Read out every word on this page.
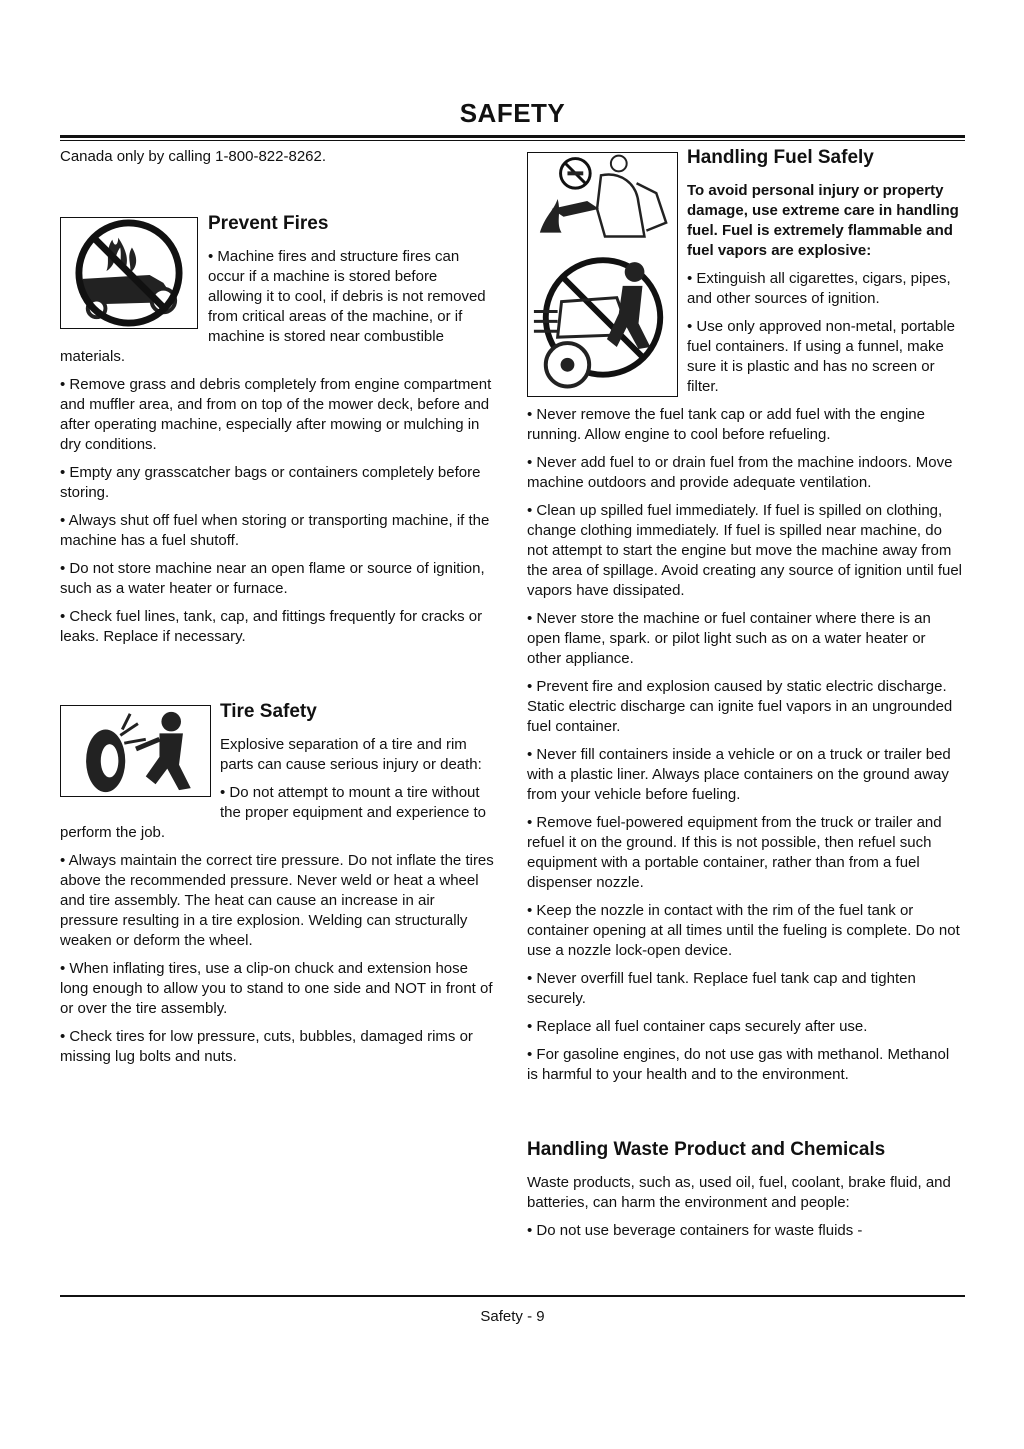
SAFETY

Canada only by calling 1-800-822-8262.

Prevent Fires

• Machine fires and structure fires can occur if a machine is stored before allowing it to cool, if debris is not removed from critical areas of the machine, or if machine is stored near combustible materials.

• Remove grass and debris completely from engine compartment and muffler area, and from on top of the mower deck, before and after operating machine, especially after mowing or mulching in dry conditions.

• Empty any grasscatcher bags or containers completely before storing.

• Always shut off fuel when storing or transporting machine, if the machine has a fuel shutoff.

• Do not store machine near an open flame or source of ignition, such as a water heater or furnace.

• Check fuel lines, tank, cap, and fittings frequently for cracks or leaks. Replace if necessary.

Tire Safety

Explosive separation of a tire and rim parts can cause serious injury or death:

• Do not attempt to mount a tire without the proper equipment and experience to perform the job.

• Always maintain the correct tire pressure. Do not inflate the tires above the recommended pressure. Never weld or heat a wheel and tire assembly. The heat can cause an increase in air pressure resulting in a tire explosion. Welding can structurally weaken or deform the wheel.

• When inflating tires, use a clip-on chuck and extension hose long enough to allow you to stand to one side and NOT in front of or over the tire assembly.

• Check tires for low pressure, cuts, bubbles, damaged rims or missing lug bolts and nuts.

Handling Fuel Safely

To avoid personal injury or property damage, use extreme care in handling fuel. Fuel is extremely flammable and fuel vapors are explosive:

• Extinguish all cigarettes, cigars, pipes, and other sources of ignition.

• Use only approved non-metal, portable fuel containers. If using a funnel, make sure it is plastic and has no screen or filter.

• Never remove the fuel tank cap or add fuel with the engine running. Allow engine to cool before refueling.

• Never add fuel to or drain fuel from the machine indoors. Move machine outdoors and provide adequate ventilation.

• Clean up spilled fuel immediately. If fuel is spilled on clothing, change clothing immediately. If fuel is spilled near machine, do not attempt to start the engine but move the machine away from the area of spillage. Avoid creating any source of ignition until fuel vapors have dissipated.

• Never store the machine or fuel container where there is an open flame, spark. or pilot light such as on a water heater or other appliance.

• Prevent fire and explosion caused by static electric discharge. Static electric discharge can ignite fuel vapors in an ungrounded fuel container.

• Never fill containers inside a vehicle or on a truck or trailer bed with a plastic liner. Always place containers on the ground away from your vehicle before fueling.

• Remove fuel-powered equipment from the truck or trailer and refuel it on the ground. If this is not possible, then refuel such equipment with a portable container, rather than from a fuel dispenser nozzle.

• Keep the nozzle in contact with the rim of the fuel tank or container opening at all times until the fueling is complete. Do not use a nozzle lock-open device.

• Never overfill fuel tank. Replace fuel tank cap and tighten securely.

• Replace all fuel container caps securely after use.

• For gasoline engines, do not use gas with methanol. Methanol is harmful to your health and to the environment.

Handling Waste Product and Chemicals

Waste products, such as, used oil, fuel, coolant, brake fluid, and batteries, can harm the environment and people:

• Do not use beverage containers for waste fluids -

Safety - 9
